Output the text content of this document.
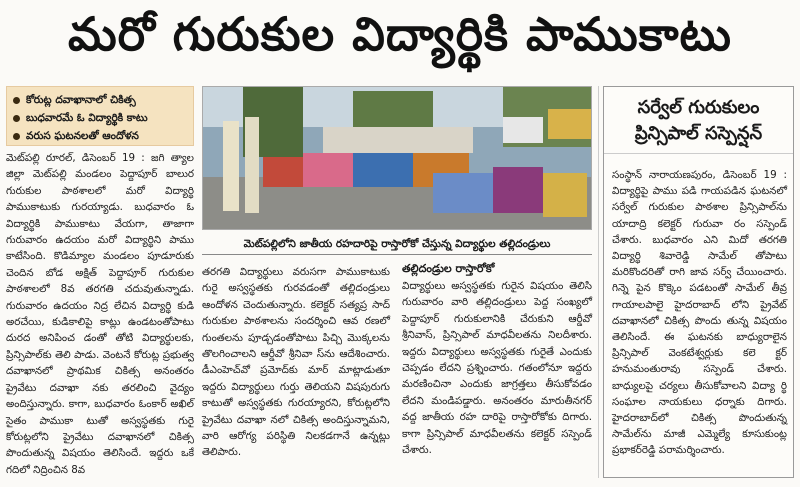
మరో గురుకుల విద్యార్థికి పాముకాటు
కోరుట్ల దవాఖానాలో చికిత్స
బుధవారమే ఓ విద్యార్థికి కాటు
వరుస ఘటనలతో ఆందోళన

మెట్‌పల్లి రూరల్‌, డిసెంబర్‌ 19 : జగి త్యాల జిల్లా మెట్‌పల్లి మండలం పెద్దాపూర్‌ బాలుర గురుకుల పాఠశాలలో మరో విద్యార్థి పాముకాటుకు గురయ్యాడు. బుధవారం ఓ విద్యార్థికి పాముకాటు వేయగా, తాజాగా గురువారం ఉదయం మరో విద్యార్థిని పాము కాటేసింది. కొడిమ్యాల మండలం పూడూరుకు చెందిన బోడ అక్షిత్‌ పెద్దాపూర్‌ గురుకుల పాఠశాలలో 8వ తరగతి చదువుతున్నాడు. గురువారం ఉదయం నిద్ర లేచిన విద్యార్థి కుడి అరచేయి, కుడికాలిపై కాట్లు ఉండటంతోపాటు దురద అనిపించ డంతో తోటి విద్యార్థులకు, ప్రిన్సిపాల్‌కు తెలి పాడు. వెంటనే కోరుట్ల ప్రభుత్వ దవాఖానలో ప్రాథమిక చికిత్స అనంతరం ప్రైవేటు దవాఖా నకు తరలించి వైద్యం అందిస్తున్నారు. కాగా, బుధవారం ఓంకార్‌ అఖిల్‌ సైతం పాముకా టుతో అస్వస్థతకు గురై కోరుట్లలోని ప్రైవేటు దవాఖానలో చికిత్స పొందుతున్న విషయం తెలిసిందే. ఇద్దరు ఒకే గదిలో నిద్రించిన 8వ

మెట్‌పల్లిలోని జాతీయ రహదారిపై రాస్తారోకో చేస్తున్న విద్యార్థుల తల్లిదండ్రులు

తరగతి విద్యార్థులు వరుసగా పాముకాటుకు గురై అస్వస్థతకు గురవడంతో తల్లిదండ్రులు ఆందోళన చెందుతున్నారు. కలెక్టర్‌ సత్యప్ర సాద్‌ గురుకుల పాఠశాలను సందర్శించి ఆవ రణలో గుంతలను పూడ్చడంతోపాటు పిచ్చి మొక్కలను తొలగించాలని ఆర్డీవో శ్రీనివా స్‌ను ఆదేశించారు. డీఎంహెచ్‌వో ప్రమోద్‌కు మార్‌ మాట్లాడుతూ ఇద్దరు విద్యార్థులు గుర్తు తెలియని విషపురుగు కాటుతో అస్వస్థతకు గురయ్యారని, కోరుట్లలోని ప్రైవేటు దవాఖా నలో చికిత్స అందిస్తున్నామని, వారి ఆరోగ్య పరిస్థితి నిలకడగానే ఉన్నట్లు తెలిపారు.

తల్లిదండ్రుల రాస్తారోకో

విద్యార్థులు అస్వస్థతకు గురైన విషయం తెలిసి గురువారం వారి తల్లిదండ్రులు పెద్ద సంఖ్యలో పెద్దాపూర్‌ గురుకులానికి చేరుకుని ఆర్డీవో శ్రీనివాస్‌, ప్రిన్సిపాల్‌ మాధవీలతను నిలదీశారు. ఇద్దరు విద్యార్థులు అస్వస్థతకు గురైతే ఎందుకు చెప్పడం లేదని ప్రశ్నించారు. గతంలోనూ ఇద్దరు మరణించినా ఎందుకు జాగ్రత్తలు తీసుకోవడం లేదని మండిపడ్డారు. అనంతరం మారుతీనగర్‌ వద్ద జాతీయ రహ దారిపై రాస్తారోకోకు దిగారు. కాగా ప్రిన్సిపాల్‌ మాధవీలతను కలెక్టర్‌ సస్పెండ్‌ చేశారు.

సర్వేల్‌ గురుకులం ప్రిన్సిపాల్‌ సస్పెన్షన్‌

సంస్థాన్‌ నారాయణపురం, డిసెంబర్‌ 19 : విద్యార్థిపై పాము పడి గాయపడిన ఘటనలో సర్వేల్‌ గురుకుల పాఠశాల ప్రిన్సిపాల్‌ను యాదాద్రి కలెక్టర్‌ గురువా రం సస్పెండ్‌ చేశారు. బుధవారం ఎని మిదో తరగతి విద్యార్థి శివారెడ్డి సామేల్‌ తోపాటు మరికొందరితో రాగి జావ సర్వ్‌ చేయించారు. గిన్నె పైన కొక్కెం పడటంతో సామేల్‌ తీవ్ర గాయాలపాలై హైదరాబాద్‌ లోని ప్రైవేట్‌ దవాఖానలో చికిత్స పొందు తున్న విషయం తెలిసిందే. ఈ ఘటనకు బాధ్యురాలైన ప్రిన్సిపాల్‌ వెంకటేశ్వర్లుకు కలె క్టర్‌ హనుమంతురావు సస్పెండ్‌ చేశారు. బాధ్యులపై చర్యలు తీసుకోవాలని విద్యా ర్థి సంఘాల నాయకులు ధర్నాకు దిగారు. హైదరాబాద్‌లో చికిత్స పొందుతున్న సామేల్‌ను మాజీ ఎమ్మెల్యే కూసుకుంట్ల ప్రభాకర్‌రెడ్డి పరామర్శించారు.
